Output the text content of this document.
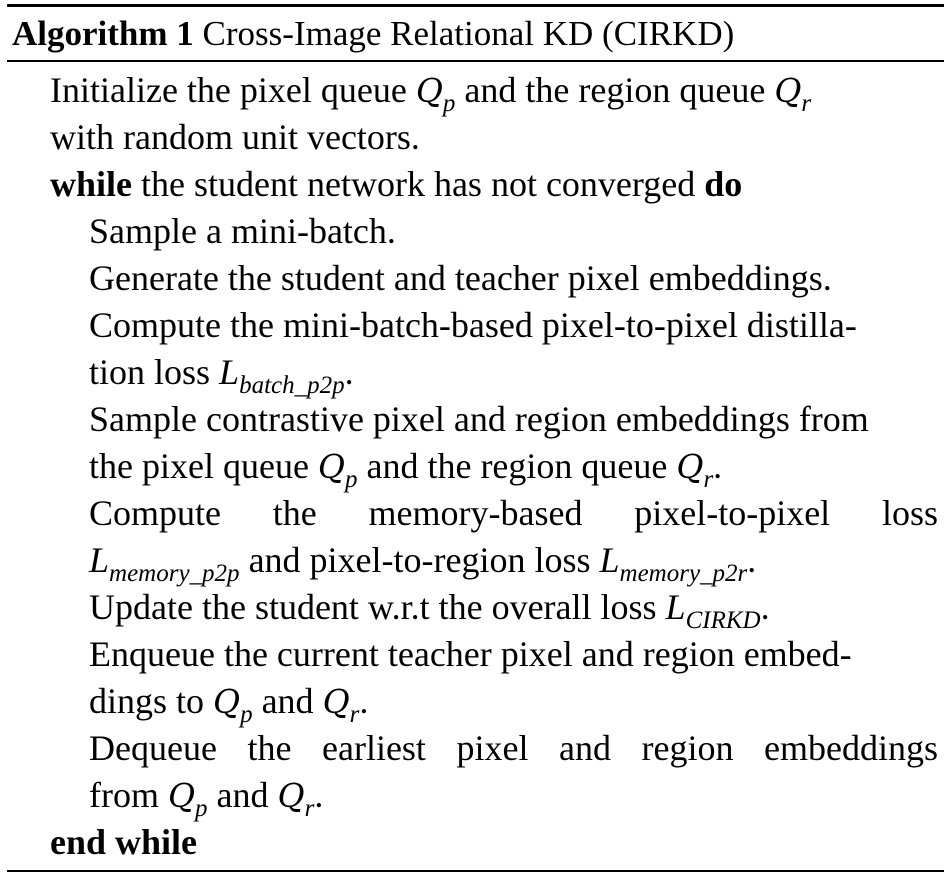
Algorithm 1 Cross-Image Relational KD (CIRKD)
Initialize the pixel queue $Q_p$ and the region queue $Q_r$
with random unit vectors.
while the student network has not converged do
Sample a mini-batch.
Generate the student and teacher pixel embeddings.
Compute the mini-batch-based pixel-to-pixel distilla-
tion loss $L_{batch\_p2p}$.
Sample contrastive pixel and region embeddings from
the pixel queue $Q_p$ and the region queue $Q_r$.
Compute the memory-based pixel-to-pixel loss
$L_{memory\_p2p}$ and pixel-to-region loss $L_{memory\_p2r}$.
Update the student w.r.t the overall loss $L_{CIRKD}$.
Enqueue the current teacher pixel and region embed-
dings to $Q_p$ and $Q_r$.
Dequeue the earliest pixel and region embeddings
from $Q_p$ and $Q_r$.
end while
